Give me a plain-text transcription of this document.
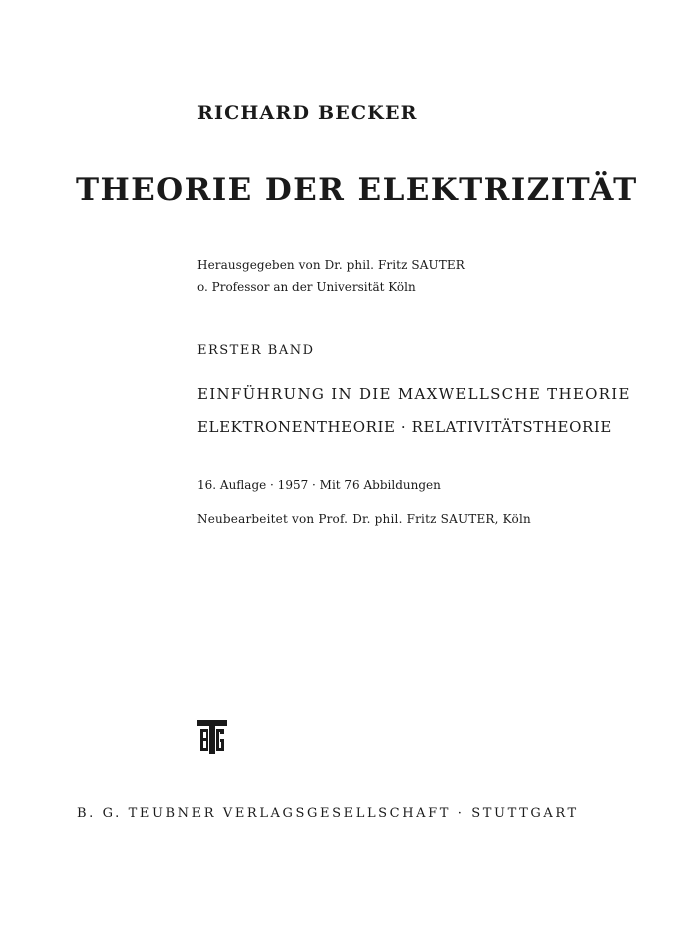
RICHARD BECKER

THEORIE DER ELEKTRIZITÄT

Herausgegeben von Dr. phil. Fritz SAUTER

o. Professor an der Universität Köln

ERSTER BAND

EINFÜHRUNG IN DIE MAXWELLSCHE THEORIE

ELEKTRONENTHEORIE · RELATIVITÄTSTHEORIE

16. Auflage · 1957 · Mit 76 Abbildungen

Neubearbeitet von Prof. Dr. phil. Fritz SAUTER, Köln

B. G. TEUBNER VERLAGSGESELLSCHAFT · STUTTGART
